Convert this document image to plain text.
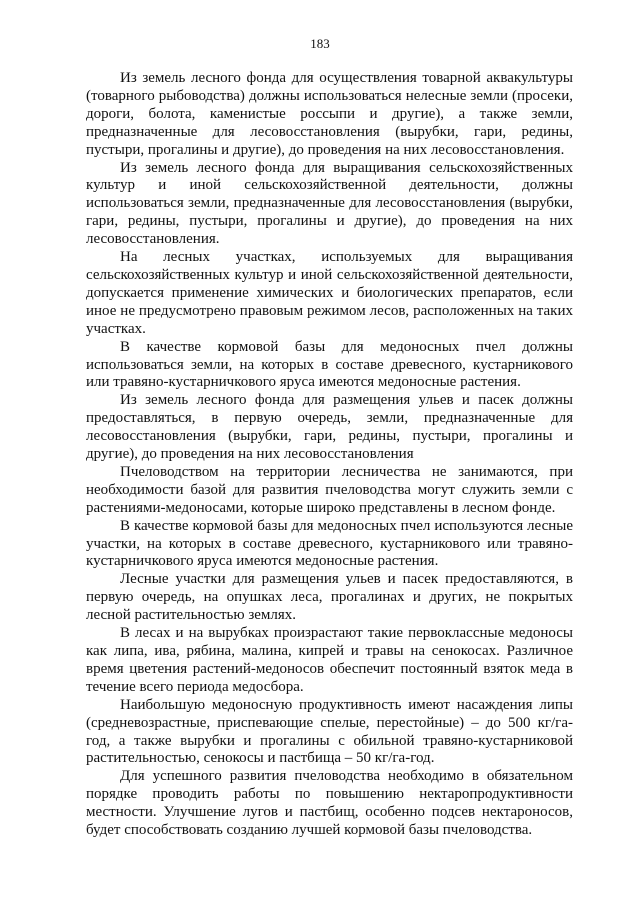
183

Из земель лесного фонда для осуществления товарной аквакультуры (товарного рыбоводства) должны использоваться нелесные земли (просеки, дороги, болота, каменистые россыпи и другие), а также земли, предназначенные для лесовосстановления (вырубки, гари, редины, пустыри, прогалины и другие), до проведения на них лесовосстановления.

Из земель лесного фонда для выращивания сельскохозяйственных культур и иной сельскохозяйственной деятельности, должны использоваться земли, предназначенные для лесовосстановления (вырубки, гари, редины, пустыри, прогалины и другие), до проведения на них лесовосстановления.

На лесных участках, используемых для выращивания сельскохозяйственных культур и иной сельскохозяйственной деятельности, допускается применение химических и биологических препаратов, если иное не предусмотрено правовым режимом лесов, расположенных на таких участках.

В качестве кормовой базы для медоносных пчел должны использоваться земли, на которых в составе древесного, кустарникового или травяно-кустарничкового яруса имеются медоносные растения.

Из земель лесного фонда для размещения ульев и пасек должны предоставляться, в первую очередь, земли, предназначенные для лесовосстановления (вырубки, гари, редины, пустыри, прогалины и другие), до проведения на них лесовосстановления

Пчеловодством на территории лесничества не занимаются, при необходимости базой для развития пчеловодства могут служить земли с растениями-медоносами, которые широко представлены в лесном фонде.

В качестве кормовой базы для медоносных пчел используются лесные участки, на которых в составе древесного, кустарникового или травяно-кустарничкового яруса имеются медоносные растения.

Лесные участки для размещения ульев и пасек предоставляются, в первую очередь, на опушках леса, прогалинах и других, не покрытых лесной растительностью землях.

В лесах и на вырубках произрастают такие первоклассные медоносы как липа, ива, рябина, малина, кипрей и травы на сенокосах. Различное время цветения растений-медоносов обеспечит постоянный взяток меда в течение всего периода медосбора.

Наибольшую медоносную продуктивность имеют насаждения липы (средневозрастные, приспевающие спелые, перестойные) – до 500 кг/га-год, а также вырубки и прогалины с обильной травяно-кустарниковой растительностью, сенокосы и пастбища – 50 кг/га-год.

Для успешного развития пчеловодства необходимо в обязательном порядке проводить работы по повышению нектаропродуктивности местности. Улучшение лугов и пастбищ, особенно подсев нектароносов, будет способствовать созданию лучшей кормовой базы пчеловодства.
